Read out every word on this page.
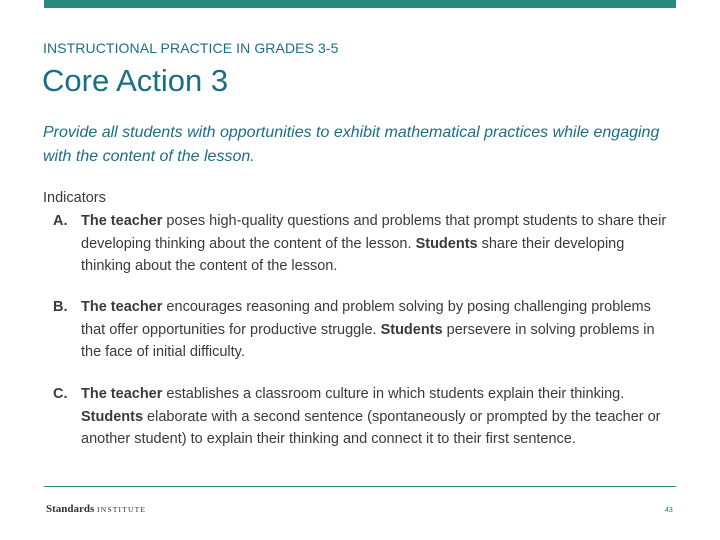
INSTRUCTIONAL PRACTICE IN GRADES 3-5
Core Action 3

Provide all students with opportunities to exhibit mathematical practices while engaging with the content of the lesson.

Indicators
A. The teacher poses high-quality questions and problems that prompt students to share their developing thinking about the content of the lesson. Students share their developing thinking about the content of the lesson.
B. The teacher encourages reasoning and problem solving by posing challenging problems that offer opportunities for productive struggle. Students persevere in solving problems in the face of initial difficulty.
C. The teacher establishes a classroom culture in which students explain their thinking. Students elaborate with a second sentence (spontaneously or prompted by the teacher or another student) to explain their thinking and connect it to their first sentence.
Standards INSTITUTE	43
